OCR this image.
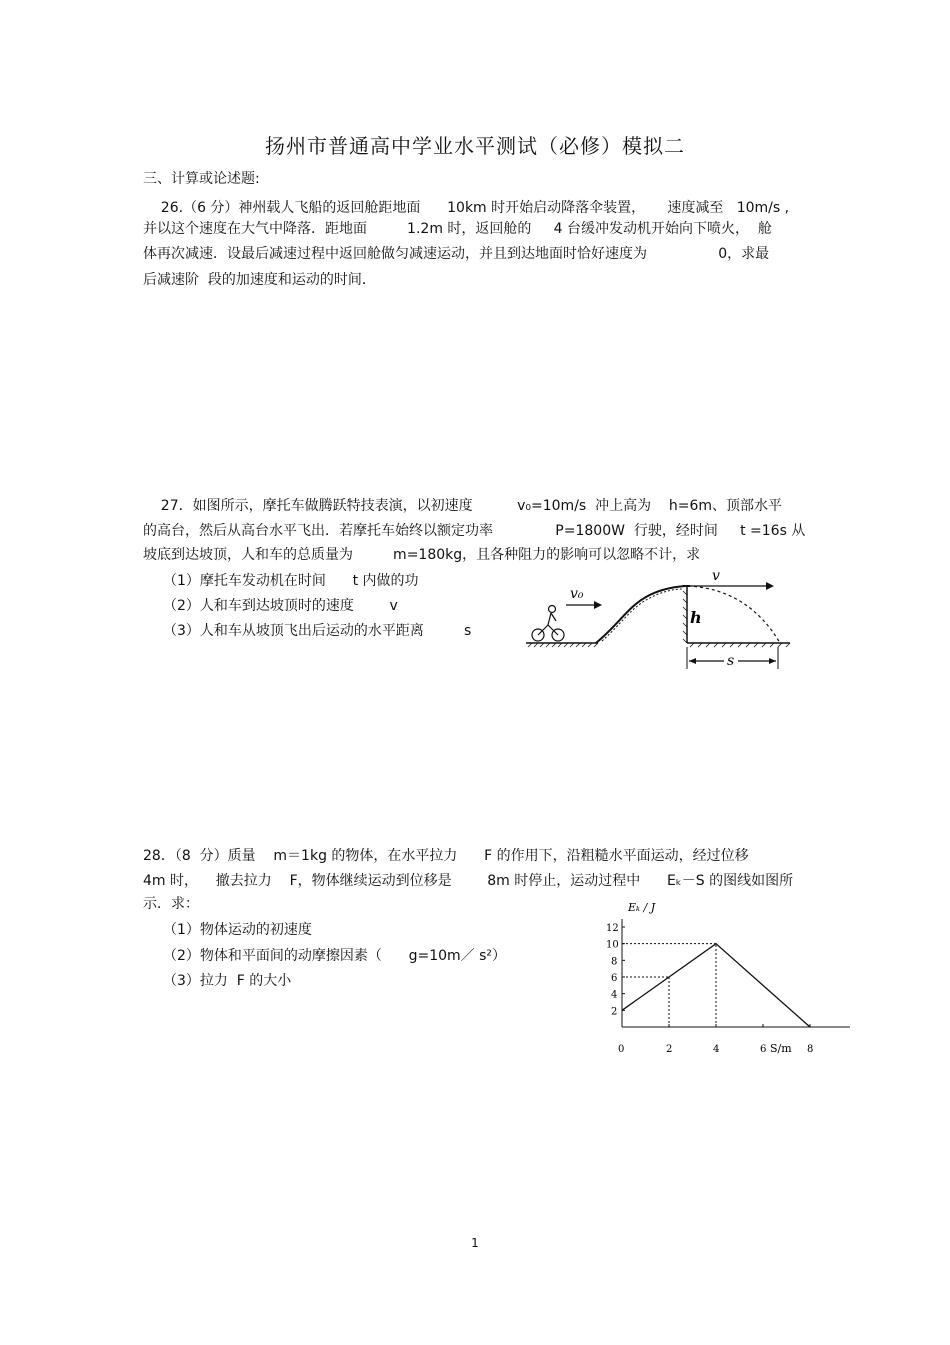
扬州市普通高中学业水平测试（必修）模拟二
三、计算或论述题:
26.（6 分）神州载人飞船的返回舱距地面      10km 时开始启动降落伞装置，     速度减至   10m/s ,
并以这个速度在大气中降落．距地面         1.2m 时，返回舱的     4 台缓冲发动机开始向下喷火，  舱
体再次减速．设最后减速过程中返回舱做匀减速运动，并且到达地面时恰好速度为                0，求最
后减速阶  段的加速度和运动的时间．
27．如图所示，摩托车做腾跃特技表演，以初速度          v₀=10m/s  冲上高为    h=6m、顶部水平
的高台，然后从高台水平飞出．若摩托车始终以额定功率              P=1800W  行驶，经时间     t =16s 从
坡底到达坡顶，人和车的总质量为         m=180kg，且各种阻力的影响可以忽略不计，求
（1）摩托车发动机在时间      t 内做的功
（2）人和车到达坡顶时的速度        v
（3）人和车从坡顶飞出后运动的水平距离         s
v
h
s
v₀
28．（8  分）质量    m＝1kg 的物体，在水平拉力      F 的作用下，沿粗糙水平面运动，经过位移
4m 时，    撤去拉力    F，物体继续运动到位移是        8m 时停止，运动过程中      Eₖ－S 的图线如图所
示．求：
（1）物体运动的初速度
（2）物体和平面间的动摩擦因素（      g=10m／ s²）
（3）拉力  F 的大小
Eₖ / J
S/m
0	2	4	6	8
2
4
6
8
10
12
1
